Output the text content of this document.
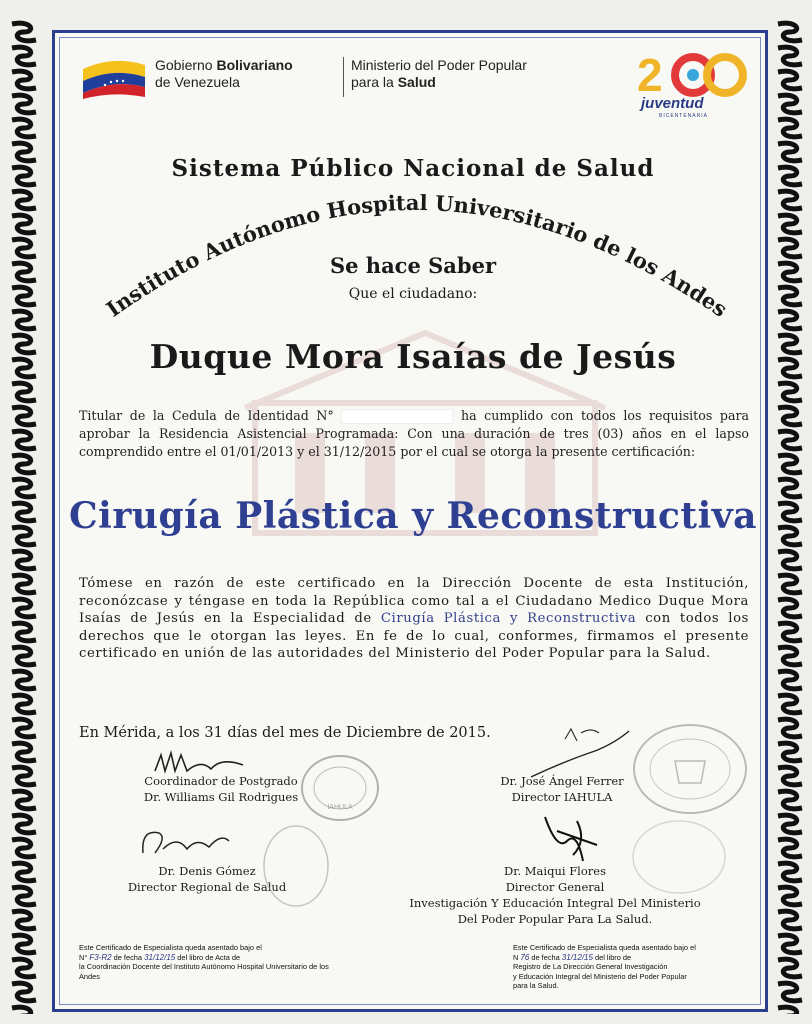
Gobierno Bolivariano
de Venezuela
Ministerio del Poder Popular
para la Salud	2
juventud
BICENTENARIA
Sistema Público Nacional de Salud
Instituto Autónomo Hospital Universitario de los Andes
Se hace Saber
Que el ciudadano:
Duque Mora Isaías de Jesús
Titular de la Cedula de Identidad N°	ha cumplido con todos los requisitos para aprobar la Residencia Asistencial Programada: Con una duración de tres (03) años en el lapso comprendido entre el 01/01/2013 y el 31/12/2015 por el cual se otorga la presente certificación:
Cirugía Plástica y Reconstructiva
Tómese en razón de este certificado en la Dirección Docente de esta Institución, reconózcase y téngase en toda la República como tal a el Ciudadano Medico Duque Mora Isaías de Jesús en la Especialidad de Cirugía Plástica y Reconstructiva con todos los derechos que le otorgan las leyes. En fe de lo cual, conformes, firmamos el presente certificado en unión de las autoridades del Ministerio del Poder Popular para la Salud.
En Mérida, a los 31 días del mes de Diciembre de 2015.
Coordinador de Postgrado
Dr. Williams Gil Rodrigues
IAHULA
Dr. José Ángel Ferrer
Director IAHULA
Dr. Denis Gómez
Director Regional de Salud
Dr. Maiqui Flores
Director General
Investigación Y Educación Integral Del Ministerio
Del Poder Popular Para La Salud.
Este Certificado de Especialista queda asentado bajo el
N° F3-R2 de fecha 31/12/15 del libro de Acta de
la Coordinación Docente del Instituto Autónomo Hospital Universitario de los
Andes
Este Certificado de Especialista queda asentado bajo el
N 76 de fecha 31/12/15 del libro de
Registro de La Dirección General Investigación
y Educación Integral del Ministerio del Poder Popular
para la Salud.
